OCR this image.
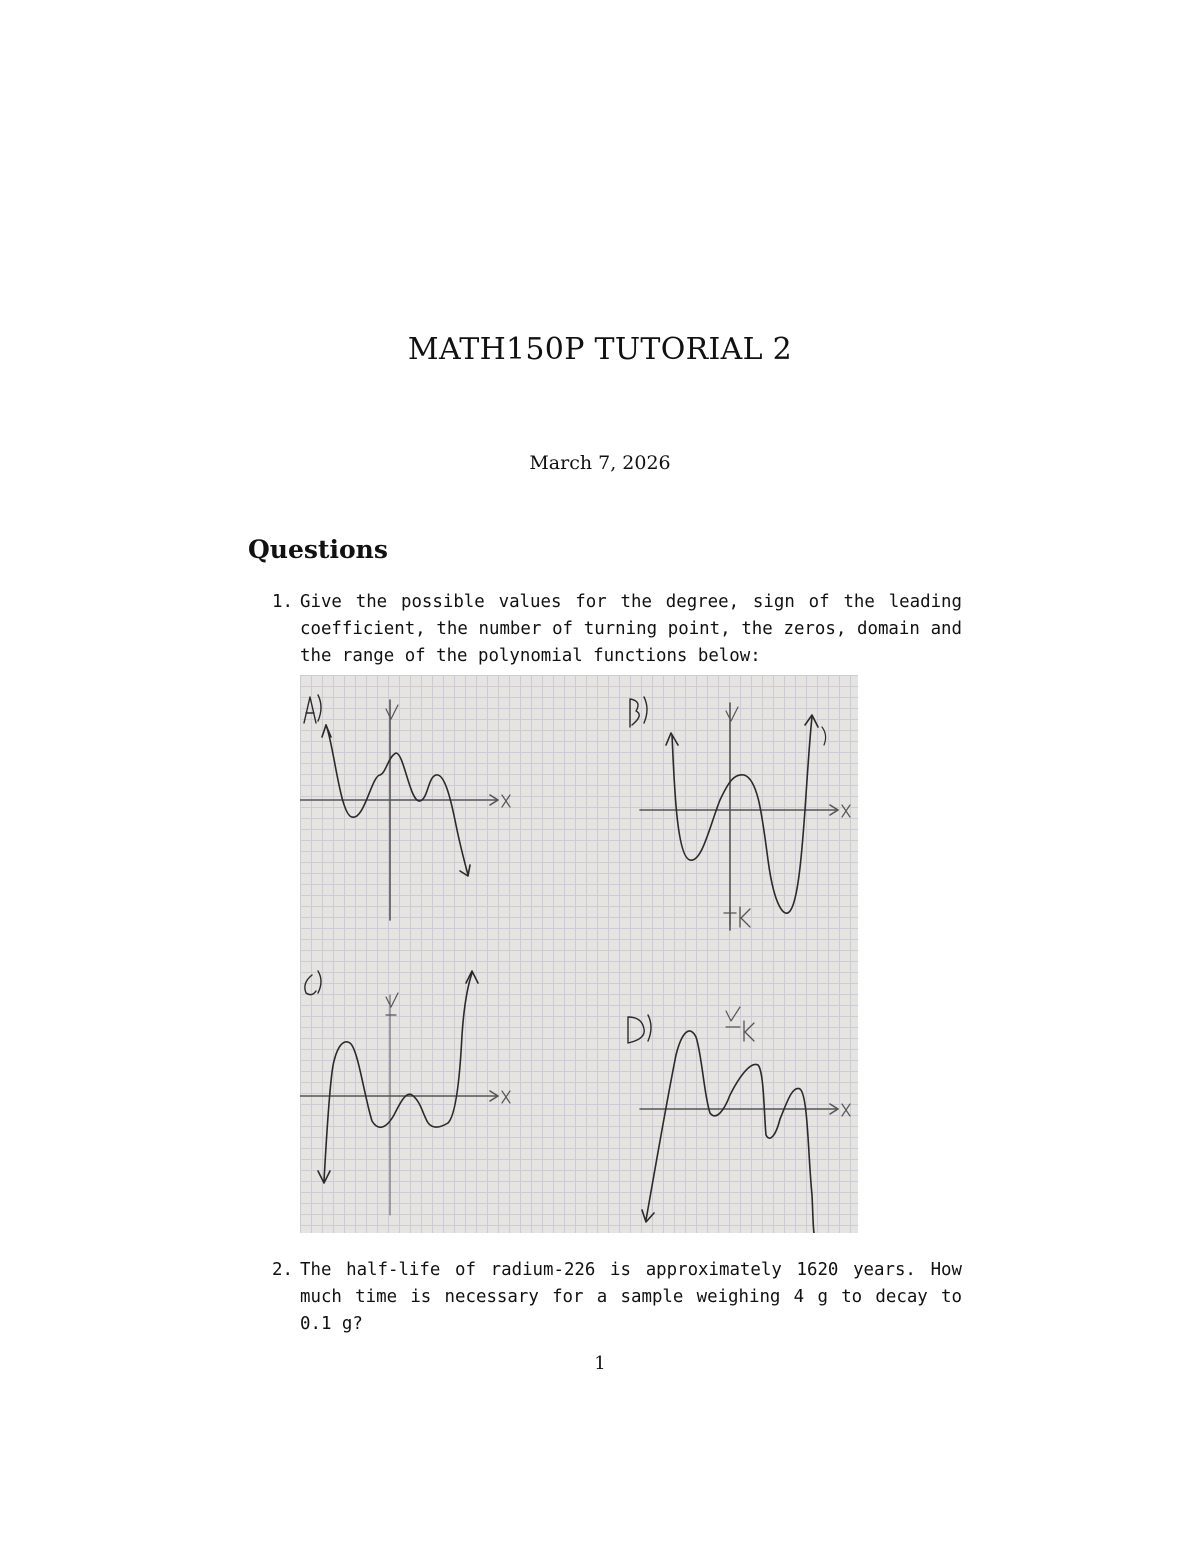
MATH150P TUTORIAL 2
March 7, 2026
Questions
1. Give the possible values for the degree, sign of the leading coefficient, the number of turning point, the zeros, domain and the range of the polynomial functions below:
2. The half-life of radium-226 is approximately 1620 years. How much time is necessary for a sample weighing 4 g to decay to 0.1 g?
1
